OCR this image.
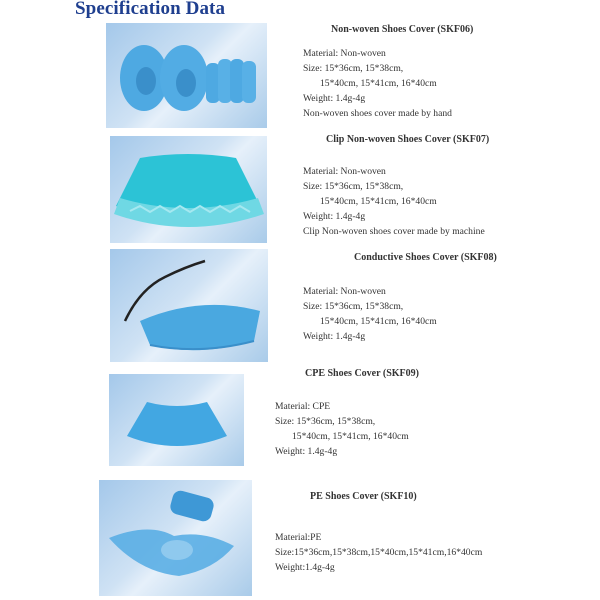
Specification Data
Non-woven Shoes Cover (SKF06)
Material: Non-woven
Size: 15*36cm, 15*38cm,
15*40cm, 15*41cm, 16*40cm
Weight: 1.4g-4g
Non-woven shoes cover made by hand
Clip Non-woven Shoes Cover (SKF07)
Material: Non-woven
Size: 15*36cm, 15*38cm,
15*40cm, 15*41cm, 16*40cm
Weight: 1.4g-4g
Clip Non-woven shoes cover made by machine
Conductive Shoes Cover (SKF08)
Material: Non-woven
Size: 15*36cm, 15*38cm,
15*40cm, 15*41cm, 16*40cm
Weight: 1.4g-4g
CPE Shoes Cover (SKF09)
Material: CPE
Size: 15*36cm, 15*38cm,
15*40cm, 15*41cm, 16*40cm
Weight: 1.4g-4g
PE Shoes Cover (SKF10)
Material:PE
Size:15*36cm,15*38cm,15*40cm,15*41cm,16*40cm
Weight:1.4g-4g
